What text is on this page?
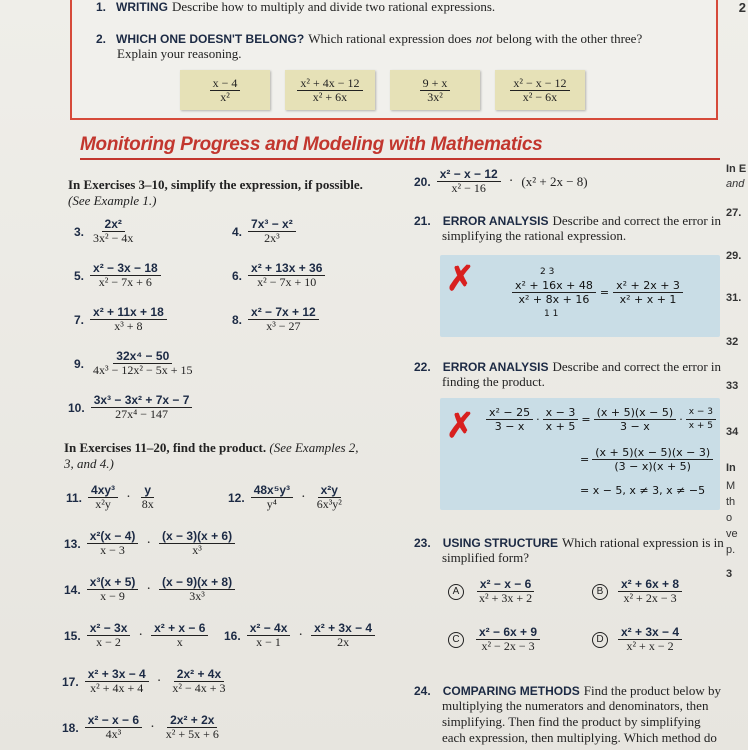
1. WRITING Describe how to multiply and divide two rational expressions.
2. WHICH ONE DOESN'T BELONG? Which rational expression does not belong with the other three?
Explain your reasoning.
$\frac{x - 4}{\text{x²}}$	$\frac{\text{x² + 4x − 12}}{\text{x² + 6x}}$	$\frac{9 + x}{\text{3x²}}$	$\frac{\text{x² − x − 12}}{\text{x² − 6x}}$
Monitoring Progress and Modeling with Mathematics
In Exercises 3–10, simplify the expression, if possible.
(See Example 1.)
3. $\frac{\text{2x²}}{\text{3x² − 4x}}$	4. $\frac{\text{7x³ − x²}}{\text{2x³}}$
5. $\frac{\text{x² − 3x − 18}}{\text{x² − 7x + 6}}$	6. $\frac{\text{x² + 13x + 36}}{\text{x² − 7x + 10}}$
7. $\frac{\text{x² + 11x + 18}}{\text{x³ + 8}}$	8. $\frac{\text{x² − 7x + 12}}{\text{x³ − 27}}$
9. $\frac{\text{32x⁴ − 50}}{\text{4x³ − 12x² − 5x + 15}}$
10. $\frac{\text{3x³ − 3x² + 7x − 7}}{\text{27x⁴ − 147}}$
In Exercises 11–20, find the product. (See Examples 2,
3, and 4.)
11. $\frac{\text{4xy³}}{\text{x²y}} \cdot \frac{y}{8x}$	12. $\frac{\text{48x⁵y³}}{\text{y⁴}} \cdot \frac{\text{x²y}}{\text{6x³y²}}$
13. $\frac{\text{x²(x − 4)}}{x - 3} \cdot \frac{(x - 3)(x + 6)}{\text{x³}}$
14. $\frac{\text{x³(x + 5)}}{x - 9} \cdot \frac{(x - 9)(x + 8)}{\text{3x³}}$
15. $\frac{\text{x² − 3x}}{x - 2} \cdot \frac{\text{x² + x − 6}}{x} 16$. $\frac{\text{x² − 4x}}{x - 1} \cdot \frac{\text{x² + 3x − 4}}{2x}$
17. $\frac{\text{x² + 3x − 4}}{\text{x² + 4x + 4}} \cdot \frac{\text{2x² + 4x}}{\text{x² − 4x + 3}}$
18. $\frac{\text{x² − x − 6}}{\text{4x³}} \cdot \frac{\text{2x² + 2x}}{\text{x² + 5x + 6}}$
20. $\frac{\text{x² − x − 12}}{\text{x² − 16}} \cdot (x^2 + 2x - 8)$
21. ERROR ANALYSIS Describe and correct the error in
simplifying the rational expression.
✗	2 3
$\frac{\text{x² + 16x + 48}}{\text{x² + 8x + 16}} = \frac{\text{x² + 2x + 3}}{\text{x² + x + 1}}$
1 1
22. ERROR ANALYSIS Describe and correct the error in
finding the product.
✗ $\frac{\text{x² − 25}}{3 - x} \cdot \frac{x - 3}{x + 5} = \frac{(x + 5)(x - 5)}{3 - x} \cdot \frac{x - 3}{x + 5}$
= $\frac{(x + 5)(x - 5)(x - 3)}{(3 - x)(x + 5)}$
= x − 5, x ≠ 3, x ≠ −5
23. USING STRUCTURE Which rational expression is in
simplified form?
A	$\frac{\text{x² − x − 6}}{\text{x² + 3x + 2}}$	B	$\frac{\text{x² + 6x + 8}}{\text{x² + 2x − 3}}$
C	$\frac{\text{x² − 6x + 9}}{\text{x² − 2x − 3}}$	D	$\frac{\text{x² + 3x − 4}}{\text{x² + x − 2}}$
24. COMPARING METHODS Find the product below by
multiplying the numerators and denominators, then
simplifying. Then find the product by simplifying
each expression, then multiplying. Which method do
2
In E
and
27.
29.
31.
32
33
34
In
M
th
o
ve
p.
3
